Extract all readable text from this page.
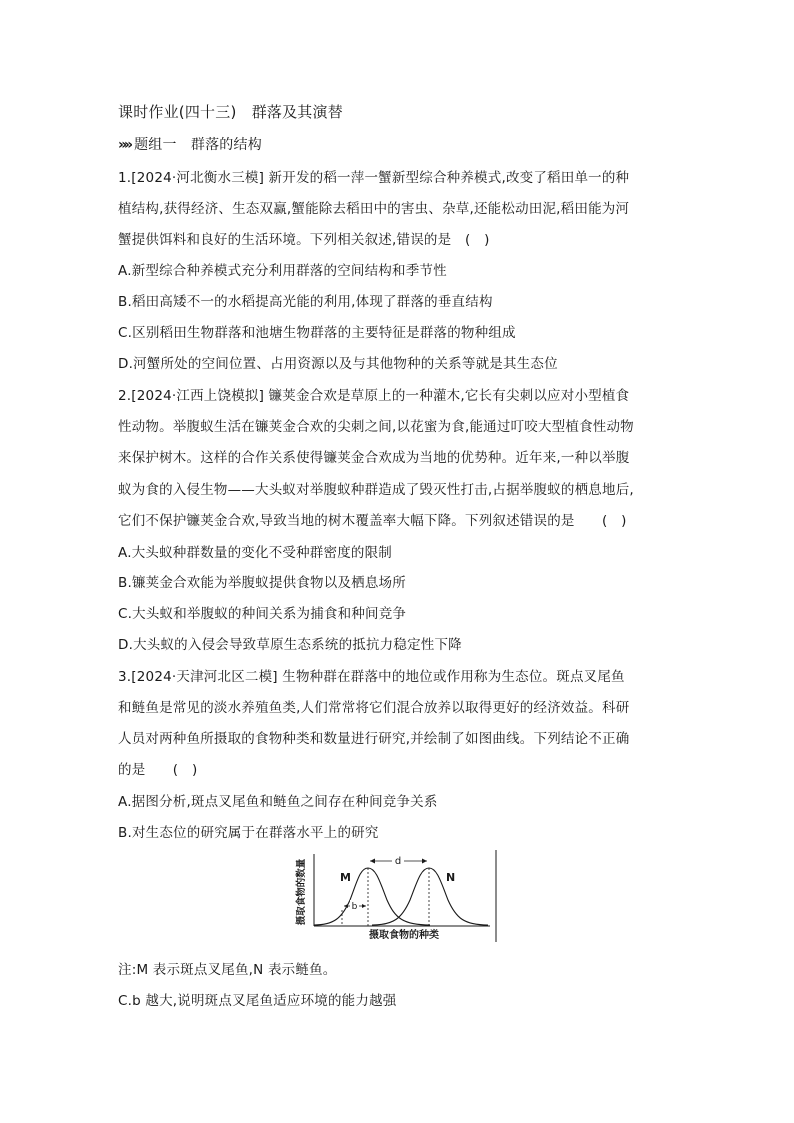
课时作业(四十三)　群落及其演替
»» 题组一　群落的结构
1.[2024·河北衡水三模] 新开发的稻一萍一蟹新型综合种养模式,改变了稻田单一的种
植结构,获得经济、生态双赢,蟹能除去稻田中的害虫、杂草,还能松动田泥,稻田能为河
蟹提供饵料和良好的生活环境。下列相关叙述,错误的是　(　)
A.新型综合种养模式充分利用群落的空间结构和季节性
B.稻田高矮不一的水稻提高光能的利用,体现了群落的垂直结构
C.区别稻田生物群落和池塘生物群落的主要特征是群落的物种组成
D.河蟹所处的空间位置、占用资源以及与其他物种的关系等就是其生态位
2.[2024·江西上饶模拟] 镰荚金合欢是草原上的一种灌木,它长有尖刺以应对小型植食
性动物。举腹蚁生活在镰荚金合欢的尖刺之间,以花蜜为食,能通过叮咬大型植食性动物
来保护树木。这样的合作关系使得镰荚金合欢成为当地的优势种。近年来,一种以举腹
蚁为食的入侵生物——大头蚁对举腹蚁种群造成了毁灭性打击,占据举腹蚁的栖息地后,
它们不保护镰荚金合欢,导致当地的树木覆盖率大幅下降。下列叙述错误的是　　(　)
A.大头蚁种群数量的变化不受种群密度的限制
B.镰荚金合欢能为举腹蚁提供食物以及栖息场所
C.大头蚁和举腹蚁的种间关系为捕食和种间竞争
D.大头蚁的入侵会导致草原生态系统的抵抗力稳定性下降
3.[2024·天津河北区二模] 生物种群在群落中的地位或作用称为生态位。斑点叉尾鱼
和鲢鱼是常见的淡水养殖鱼类,人们常常将它们混合放养以取得更好的经济效益。科研
人员对两种鱼所摄取的食物种类和数量进行研究,并绘制了如图曲线。下列结论不正确
的是　　(　)
A.据图分析,斑点叉尾鱼和鲢鱼之间存在种间竞争关系
B.对生态位的研究属于在群落水平上的研究
摄取食物的数量	d
b
M	N
摄取食物的种类
注:M 表示斑点叉尾鱼,N 表示鲢鱼。
C.b 越大,说明斑点叉尾鱼适应环境的能力越强
